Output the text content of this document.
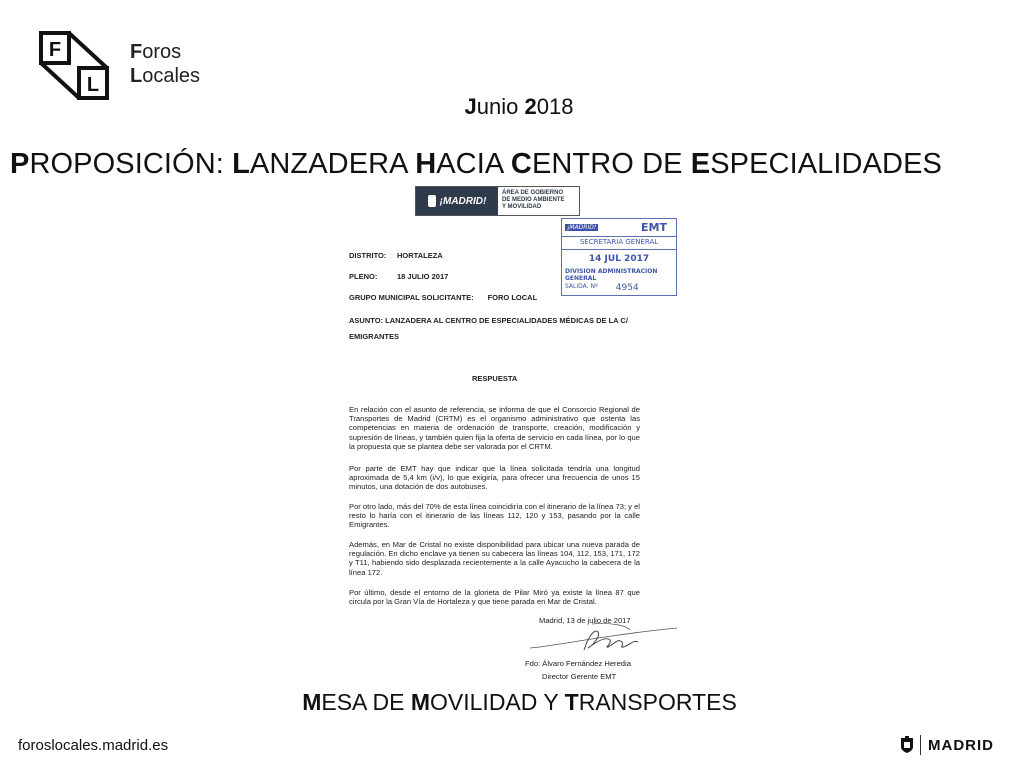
F
L
Foros
Locales
Junio 2018
PROPOSICIÓN: LANZADERA HACIA CENTRO DE ESPECIALIDADES
¡MADRID!
ÁREA DE GOBIERNO
DE MEDIO AMBIENTE
Y MOVILIDAD
¡MADRID!	EMT
SECRETARIA GENERAL
14 JUL 2017
DIVISION ADMINISTRACION GENERAL
SALIDA. Nº 4954
DISTRITO: HORTALEZA
PLENO:	18 JULIO 2017
GRUPO MUNICIPAL SOLICITANTE: FORO LOCAL
ASUNTO: LANZADERA AL CENTRO DE ESPECIALIDADES MÉDICAS DE LA C/ EMIGRANTES
RESPUESTA
En relación con el asunto de referencia, se informa de que el Consorcio Regional de Transportes de Madrid (CRTM) es el organismo administrativo que ostenta las competencias en materia de ordenación de transporte, creación, modificación y supresión de líneas, y también quien fija la oferta de servicio en cada línea, por lo que la propuesta que se plantea debe ser valorada por el CRTM.
Por parte de EMT hay que indicar que la línea solicitada tendría una longitud aproximada de 5,4 km (i/v), lo que exigiría, para ofrecer una frecuencia de unos 15 minutos, una dotación de dos autobuses.
Por otro lado, más del 70% de esta línea coincidiría con el itinerario de la línea 73; y el resto lo haría con el itinerario de las líneas 112, 120 y 153, pasando por la calle Emigrantes.
Además, en Mar de Cristal no existe disponibilidad para ubicar una nueva parada de regulación. En dicho enclave ya tienen su cabecera las líneas 104, 112, 153, 171, 172 y T11, habiendo sido desplazada recientemente a la calle Ayacucho la cabecera de la línea 172.
Por último, desde el entorno de la glorieta de Pilar Miró ya existe la línea 87 que circula por la Gran Vía de Hortaleza y que tiene parada en Mar de Cristal.
Madrid, 13 de julio de 2017
Fdo: Álvaro Fernández Heredia
Director Gerente EMT
MESA DE MOVILIDAD Y TRANSPORTES
foroslocales.madrid.es	MADRID
